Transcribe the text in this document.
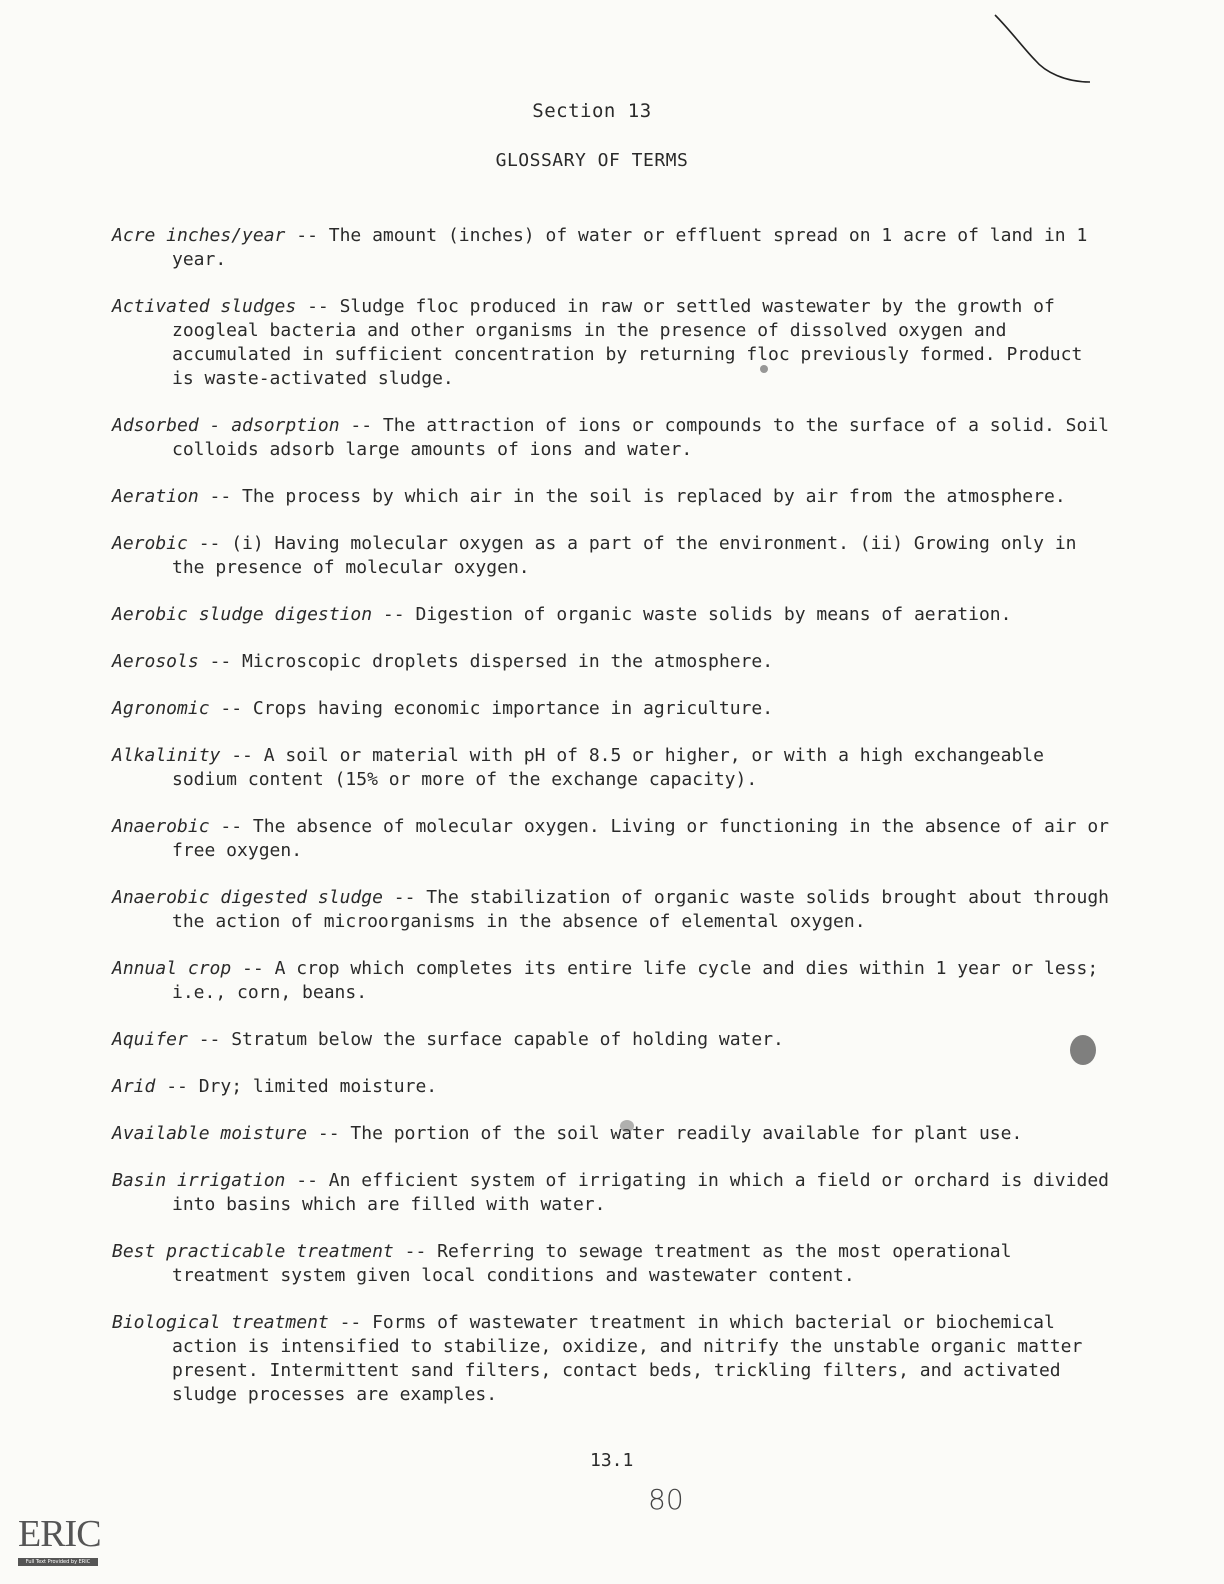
Section 13
GLOSSARY OF TERMS
Acre inches/year -- The amount (inches) of water or effluent spread on 1 acre of land in 1 year.
Activated sludges -- Sludge floc produced in raw or settled wastewater by the growth of zoogleal bacteria and other organisms in the presence of dissolved oxygen and accumulated in sufficient concentration by returning floc previously formed. Product is waste-activated sludge.
Adsorbed - adsorption -- The attraction of ions or compounds to the surface of a solid. Soil colloids adsorb large amounts of ions and water.
Aeration -- The process by which air in the soil is replaced by air from the atmosphere.
Aerobic -- (i) Having molecular oxygen as a part of the environment. (ii) Growing only in the presence of molecular oxygen.
Aerobic sludge digestion -- Digestion of organic waste solids by means of aeration.
Aerosols -- Microscopic droplets dispersed in the atmosphere.
Agronomic -- Crops having economic importance in agriculture.
Alkalinity -- A soil or material with pH of 8.5 or higher, or with a high exchangeable sodium content (15% or more of the exchange capacity).
Anaerobic -- The absence of molecular oxygen. Living or functioning in the absence of air or free oxygen.
Anaerobic digested sludge -- The stabilization of organic waste solids brought about through the action of microorganisms in the absence of elemental oxygen.
Annual crop -- A crop which completes its entire life cycle and dies within 1 year or less; i.e., corn, beans.
Aquifer -- Stratum below the surface capable of holding water.
Arid -- Dry; limited moisture.
Available moisture -- The portion of the soil water readily available for plant use.
Basin irrigation -- An efficient system of irrigating in which a field or orchard is divided into basins which are filled with water.
Best practicable treatment -- Referring to sewage treatment as the most operational treatment system given local conditions and wastewater content.
Biological treatment -- Forms of wastewater treatment in which bacterial or biochemical action is intensified to stabilize, oxidize, and nitrify the unstable organic matter present. Intermittent sand filters, contact beds, trickling filters, and activated sludge processes are examples.
13.1
80
ERIC
Full Text Provided by ERIC
